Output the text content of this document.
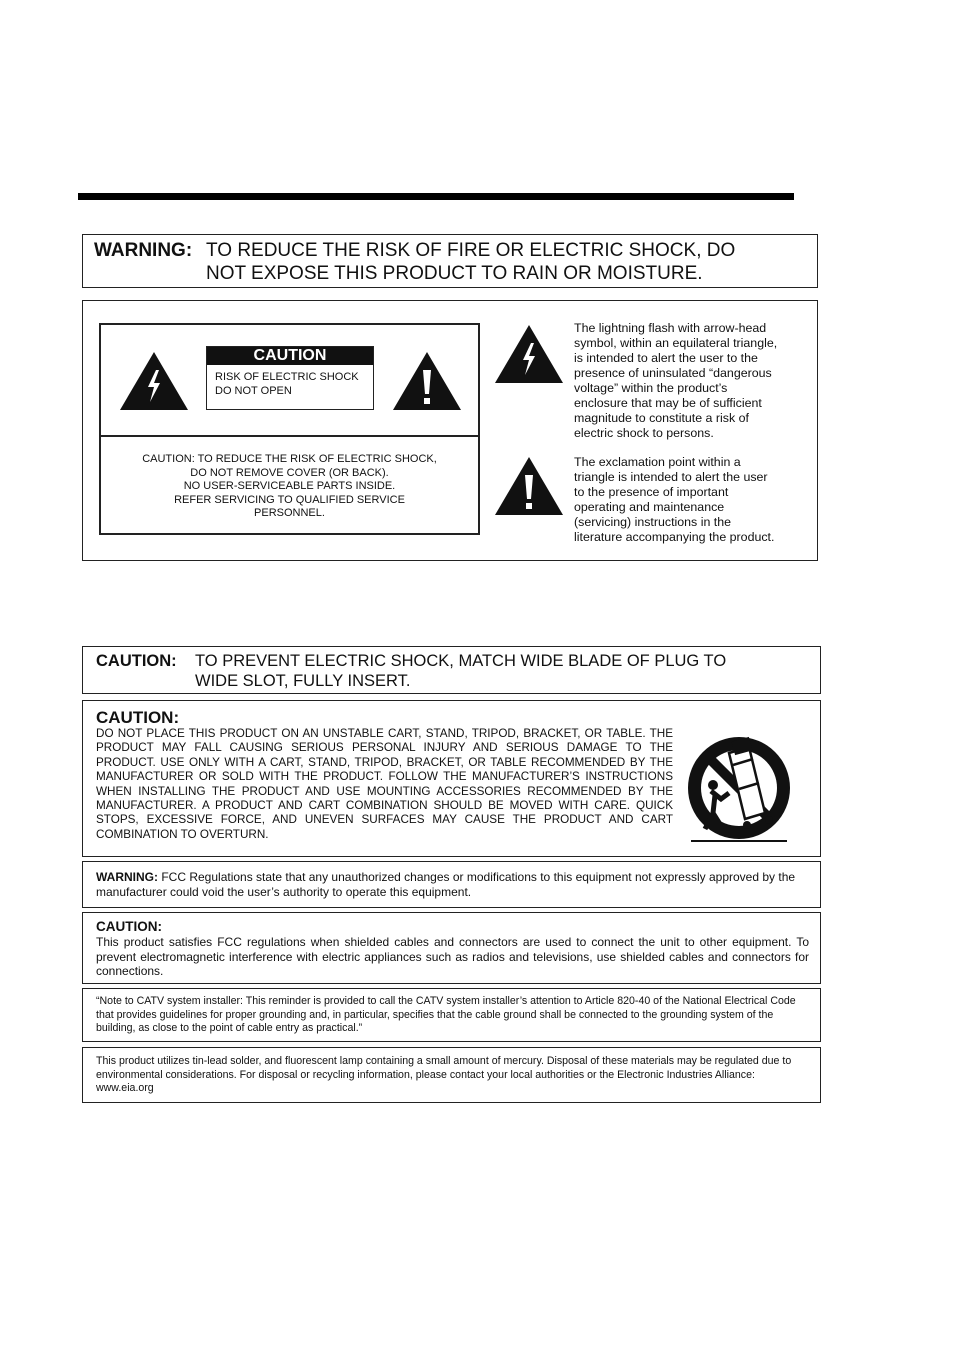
WARNING: TO REDUCE THE RISK OF FIRE OR ELECTRIC SHOCK, DO
NOT EXPOSE THIS PRODUCT TO RAIN OR MOISTURE.
CAUTION
RISK OF ELECTRIC SHOCK
DO NOT OPEN
CAUTION: TO REDUCE THE RISK OF ELECTRIC SHOCK,
DO NOT REMOVE COVER (OR BACK).
NO USER-SERVICEABLE PARTS INSIDE.
REFER SERVICING TO QUALIFIED SERVICE
PERSONNEL.
The lightning flash with arrow-head
symbol, within an equilateral triangle,
is intended to alert the user to the
presence of uninsulated “dangerous
voltage” within the product’s
enclosure that may be of sufficient
magnitude to constitute a risk of
electric shock to persons.
The exclamation point within a
triangle is intended to alert the user
to the presence of important
operating and maintenance
(servicing) instructions in the
literature accompanying the product.
CAUTION: TO PREVENT ELECTRIC SHOCK, MATCH WIDE BLADE OF PLUG TO
WIDE SLOT, FULLY INSERT.
CAUTION:
DO NOT PLACE THIS PRODUCT ON AN UNSTABLE CART, STAND, TRIPOD, BRACKET, OR TABLE. THE PRODUCT MAY FALL CAUSING SERIOUS PERSONAL INJURY AND SERIOUS DAMAGE TO THE PRODUCT. USE ONLY WITH A CART, STAND, TRIPOD, BRACKET, OR TABLE RECOMMENDED BY THE MANUFACTURER OR SOLD WITH THE PRODUCT. FOLLOW THE MANUFACTURER’S INSTRUCTIONS WHEN INSTALLING THE PRODUCT AND USE MOUNTING ACCESSORIES RECOMMENDED BY THE MANUFACTURER. A PRODUCT AND CART COMBINATION SHOULD BE MOVED WITH CARE. QUICK STOPS, EXCESSIVE FORCE, AND UNEVEN SURFACES MAY CAUSE THE PRODUCT AND CART COMBINATION TO OVERTURN.
WARNING: FCC Regulations state that any unauthorized changes or modifications to this equipment not expressly approved by the manufacturer could void the user’s authority to operate this equipment.
CAUTION:
This product satisfies FCC regulations when shielded cables and connectors are used to connect the unit to other equipment. To prevent electromagnetic interference with electric appliances such as radios and televisions, use shielded cables and connectors for connections.
“Note to CATV system installer: This reminder is provided to call the CATV system installer’s attention to Article 820-40 of the National Electrical Code that provides guidelines for proper grounding and, in particular, specifies that the cable ground shall be connected to the grounding system of the building, as close to the point of cable entry as practical.”
This product utilizes tin-lead solder, and fluorescent lamp containing a small amount of mercury. Disposal of these materials may be regulated due to environmental considerations. For disposal or recycling information, please contact your local authorities or the Electronic Industries Alliance: www.eia.org
